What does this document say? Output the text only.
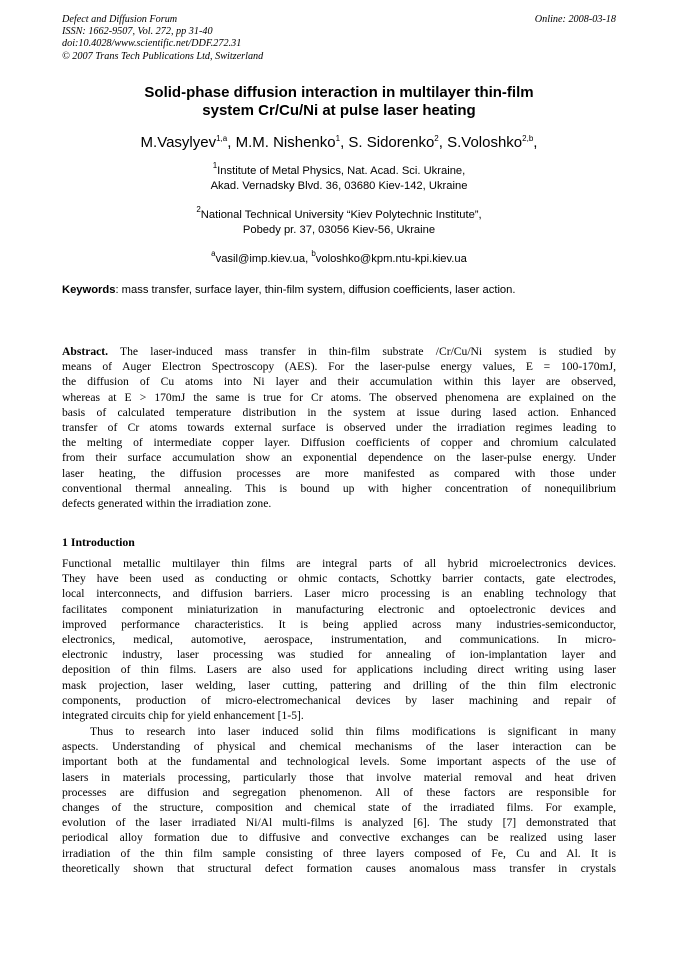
Defect and Diffusion Forum
ISSN: 1662-9507, Vol. 272, pp 31-40
doi:10.4028/www.scientific.net/DDF.272.31
© 2007 Trans Tech Publications Ltd, Switzerland
Online: 2008-03-18
Solid-phase diffusion interaction in multilayer thin-film
system Cr/Cu/Ni at pulse laser heating
M.Vasylyev$^{1,a}$, M.M. Nishenko$^1$, S. Sidorenko$^2$, S.Voloshko$^{2,b}$,
$^1$Institute of Metal Physics, Nat. Acad. Sci. Ukraine,
Akad. Vernadsky Blvd. 36, 03680 Kiev-142, Ukraine
$^2$National Technical University “Kiev Polytechnic Institute”,
Pobedy pr. 37, 03056 Kiev-56, Ukraine
$^a$vasil@imp.kiev.ua, $^b$voloshko@kpm.ntu-kpi.kiev.ua
Keywords: mass transfer, surface layer, thin-film system, diffusion coefficients, laser action.
Abstract. The laser-induced mass transfer in thin-film substrate /Cr/Cu/Ni system is studied by
means of Auger Electron Spectroscopy (AES). For the laser-pulse energy values, E = 100-170mJ,
the diffusion of Cu atoms into Ni layer and their accumulation within this layer are observed,
whereas at E > 170mJ the same is true for Cr atoms. The observed phenomena are explained on the
basis of calculated temperature distribution in the system at issue during lased action. Enhanced
transfer of Cr atoms towards external surface is observed under the irradiation regimes leading to
the melting of intermediate copper layer. Diffusion coefficients of copper and chromium calculated
from their surface accumulation show an exponential dependence on the laser-pulse energy. Under
laser heating, the diffusion processes are more manifested as compared with those under
conventional thermal annealing. This is bound up with higher concentration of nonequilibrium
defects generated within the irradiation zone.
1 Introduction
Functional metallic multilayer thin films are integral parts of all hybrid microelectronics devices.
They have been used as conducting or ohmic contacts, Schottky barrier contacts, gate electrodes,
local interconnects, and diffusion barriers. Laser micro processing is an enabling technology that
facilitates component miniaturization in manufacturing electronic and optoelectronic devices and
improved performance characteristics. It is being applied across many industries-semiconductor,
electronics, medical, automotive, aerospace, instrumentation, and communications. In micro-
electronic industry, laser processing was studied for annealing of ion-implantation layer and
deposition of thin films. Lasers are also used for applications including direct writing using laser
mask projection, laser welding, laser cutting, pattering and drilling of the thin film electronic
components, production of micro-electromechanical devices by laser machining and repair of
integrated circuits chip for yield enhancement [1-5].
Thus to research into laser induced solid thin films modifications is significant in many
aspects. Understanding of physical and chemical mechanisms of the laser interaction can be
important both at the fundamental and technological levels. Some important aspects of the use of
lasers in materials processing, particularly those that involve material removal and heat driven
processes are diffusion and segregation phenomenon. All of these factors are responsible for
changes of the structure, composition and chemical state of the irradiated films. For example,
evolution of the laser irradiated Ni/Al multi-films is analyzed [6]. The study [7] demonstrated that
periodical alloy formation due to diffusive and convective exchanges can be realized using laser
irradiation of the thin film sample consisting of three layers composed of Fe, Cu and Al. It is
theoretically shown that structural defect formation causes anomalous mass transfer in crystals
